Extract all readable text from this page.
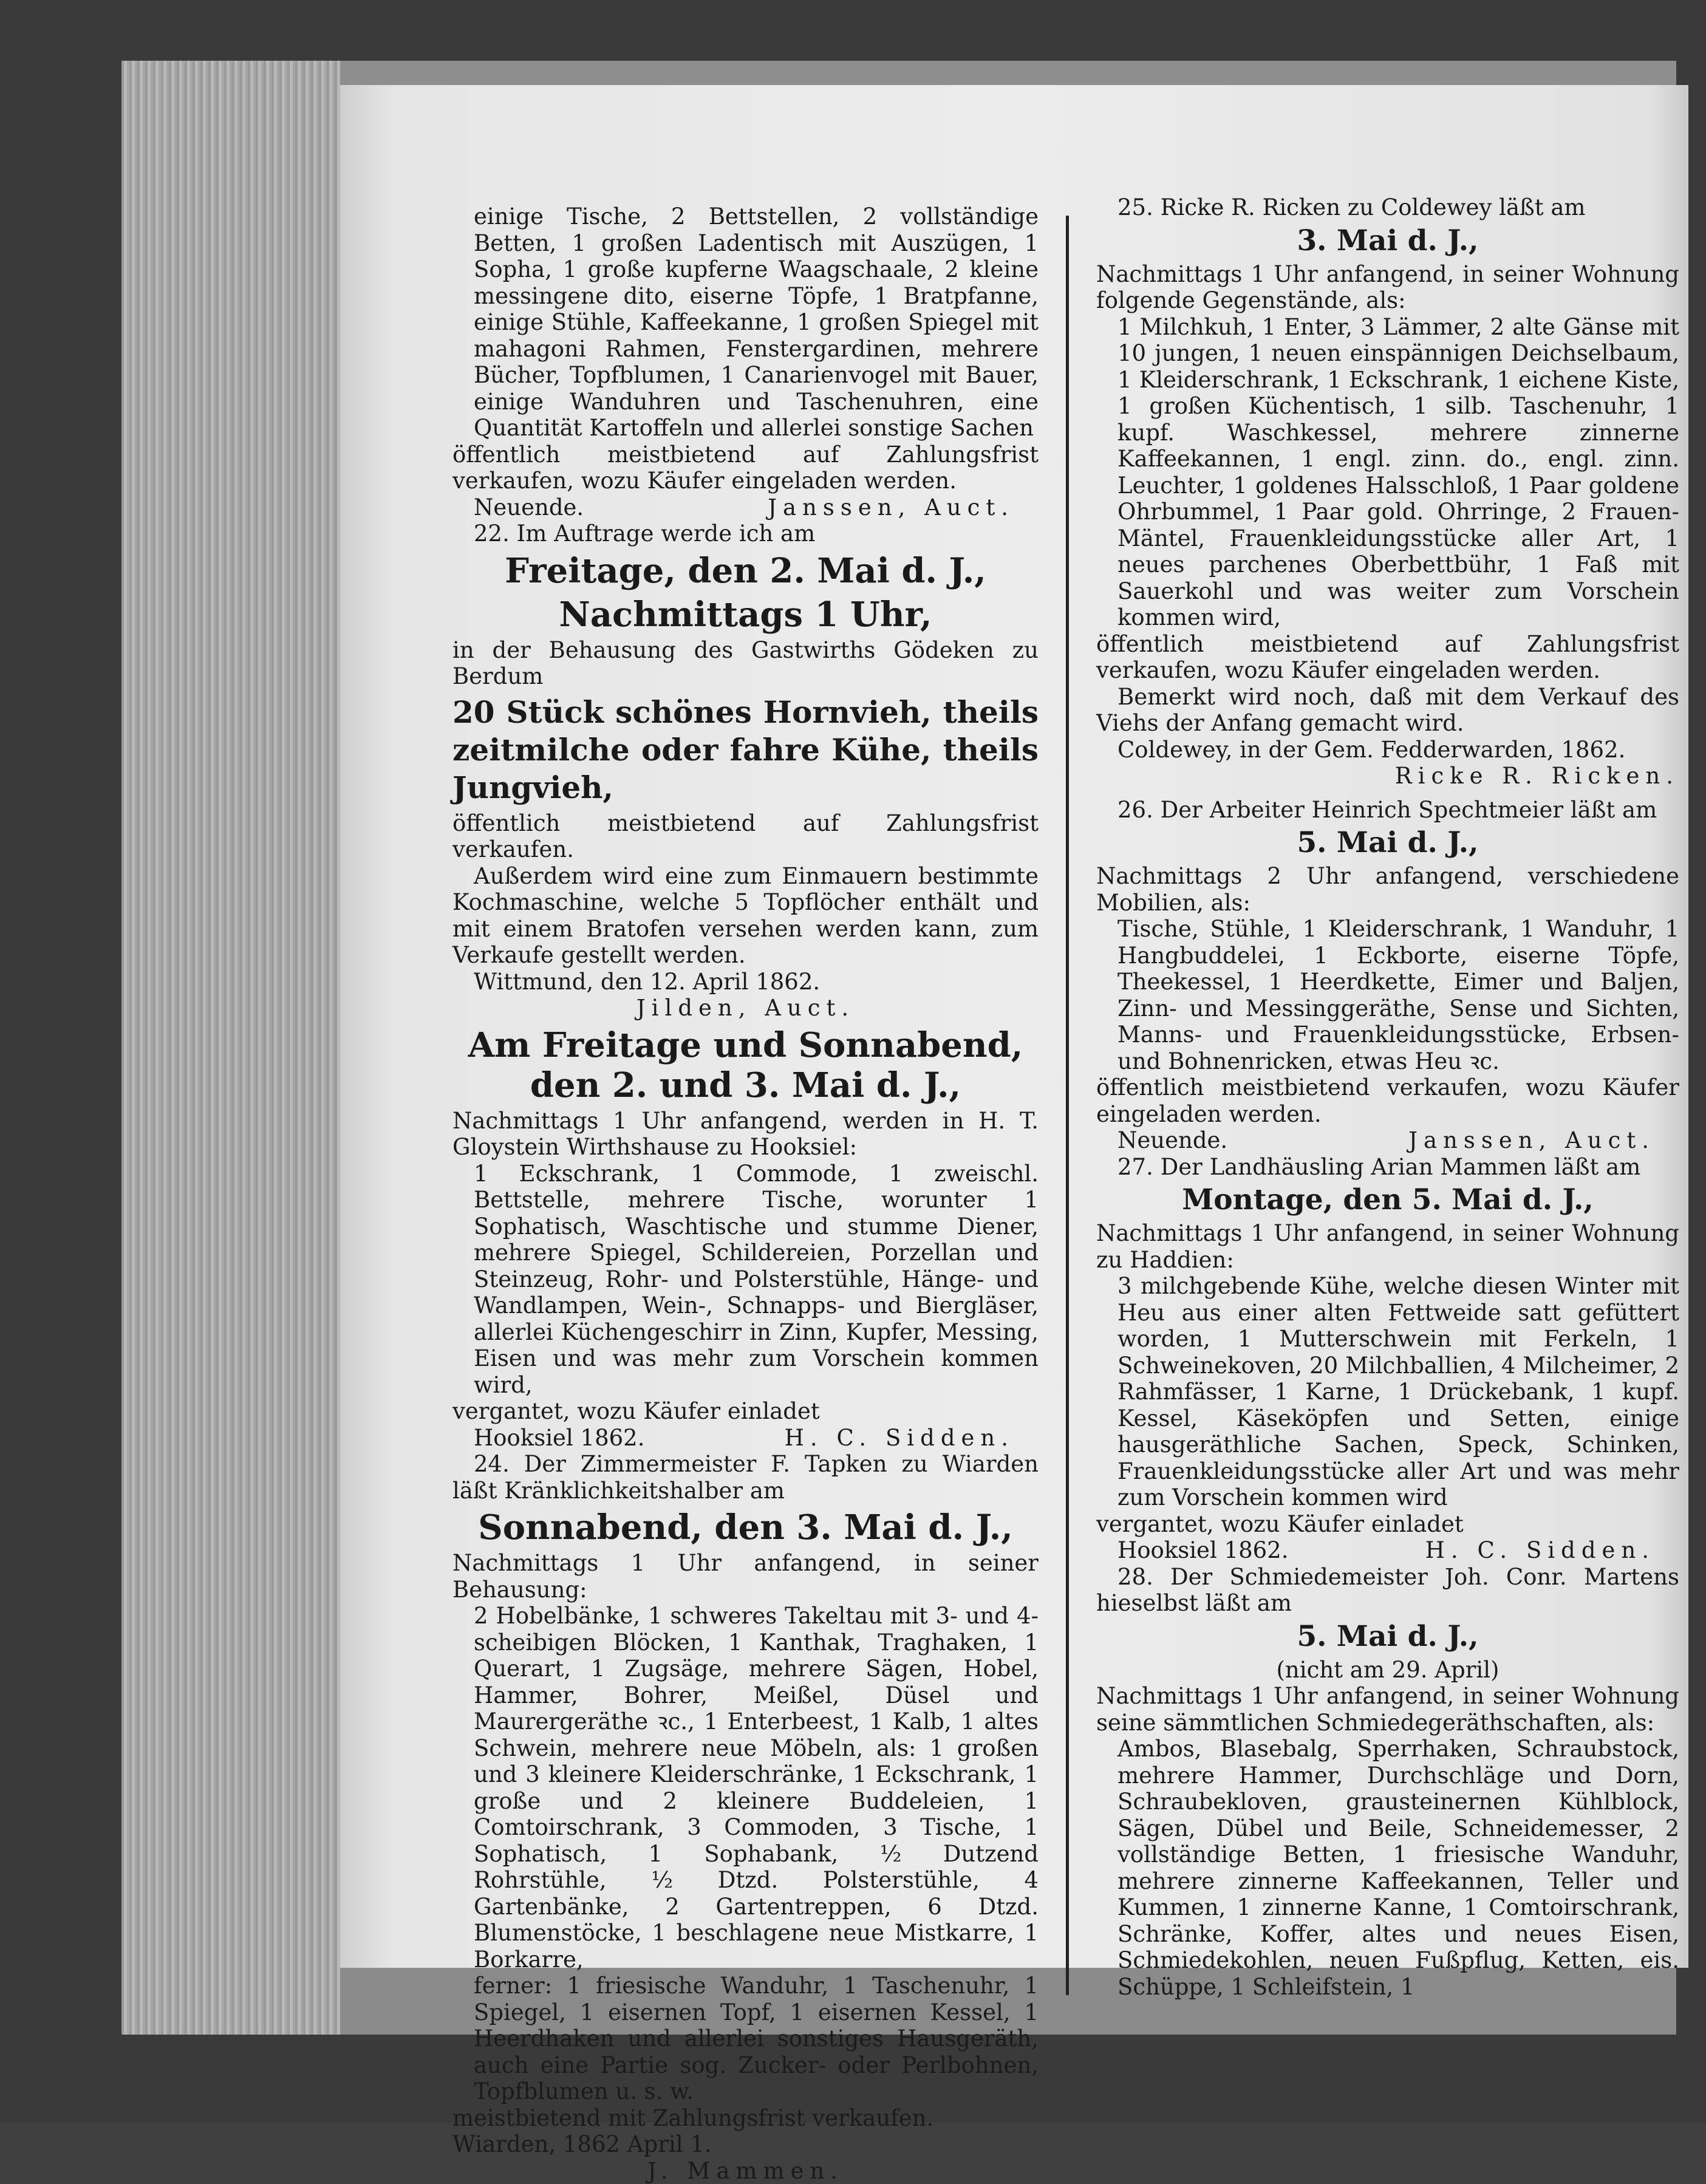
einige Tische, 2 Bettstellen, 2 vollständige Betten, 1 großen Ladentisch mit Auszügen, 1 Sopha, 1 große kupferne Waagschaale, 2 kleine messingene dito, eiserne Töpfe, 1 Bratpfanne, einige Stühle, Kaffeekanne, 1 großen Spiegel mit mahagoni Rahmen, Fenstergardinen, mehrere Bücher, Topfblumen, 1 Canarienvogel mit Bauer, einige Wanduhren und Taschenuhren, eine Quantität Kartoffeln und allerlei sonstige Sachen

öffentlich meistbietend auf Zahlungsfrist verkaufen, wozu Käufer eingeladen werden.

Neuende.	Janssen, Auct.

22. Im Auftrage werde ich am

Freitage, den 2. Mai d. J.,
Nachmittags 1 Uhr,

in der Behausung des Gastwirths Gödeken zu Berdum

20 Stück schönes Hornvieh, theils zeitmilche oder fahre Kühe, theils Jungvieh,

öffentlich meistbietend auf Zahlungsfrist verkaufen.

Außerdem wird eine zum Einmauern bestimmte Kochmaschine, welche 5 Topflöcher enthält und mit einem Bratofen versehen werden kann, zum Verkaufe gestellt werden.

Wittmund, den 12. April 1862.

Jilden, Auct.

Am Freitage und Sonnabend, den 2. und 3. Mai d. J.,

Nachmittags 1 Uhr anfangend, werden in H. T. Gloystein Wirthshause zu Hooksiel:

1 Eckschrank, 1 Commode, 1 zweischl. Bettstelle, mehrere Tische, worunter 1 Sophatisch, Waschtische und stumme Diener, mehrere Spiegel, Schildereien, Porzellan und Steinzeug, Rohr- und Polsterstühle, Hänge- und Wandlampen, Wein-, Schnapps- und Biergläser, allerlei Küchengeschirr in Zinn, Kupfer, Messing, Eisen und was mehr zum Vorschein kommen wird,

vergantet, wozu Käufer einladet

Hooksiel 1862.	H. C. Sidden.

24. Der Zimmermeister F. Tapken zu Wiarden läßt Kränklichkeitshalber am

Sonnabend, den 3. Mai d. J.,

Nachmittags 1 Uhr anfangend, in seiner Behausung:

2 Hobelbänke, 1 schweres Takeltau mit 3- und 4-scheibigen Blöcken, 1 Kanthak, Traghaken, 1 Querart, 1 Zugsäge, mehrere Sägen, Hobel, Hammer, Bohrer, Meißel, Düsel und Maurergeräthe ꝛc., 1 Enterbeest, 1 Kalb, 1 altes Schwein, mehrere neue Möbeln, als: 1 großen und 3 kleinere Kleiderschränke, 1 Eckschrank, 1 große und 2 kleinere Buddeleien, 1 Comtoirschrank, 3 Commoden, 3 Tische, 1 Sophatisch, 1 Sophabank, ½ Dutzend Rohrstühle, ½ Dtzd. Polsterstühle, 4 Gartenbänke, 2 Gartentreppen, 6 Dtzd. Blumenstöcke, 1 beschlagene neue Mistkarre, 1 Borkarre,

ferner: 1 friesische Wanduhr, 1 Taschenuhr, 1 Spiegel, 1 eisernen Topf, 1 eisernen Kessel, 1 Heerdhaken und allerlei sonstiges Hausgeräth, auch eine Partie sog. Zucker- oder Perlbohnen, Topfblumen u. s. w.

meistbietend mit Zahlungsfrist verkaufen.

Wiarden, 1862 April 1.

J. Mammen.

25. Ricke R. Ricken zu Coldewey läßt am

3. Mai d. J.,

Nachmittags 1 Uhr anfangend, in seiner Wohnung folgende Gegenstände, als:

1 Milchkuh, 1 Enter, 3 Lämmer, 2 alte Gänse mit 10 jungen, 1 neuen einspännigen Deichselbaum, 1 Kleiderschrank, 1 Eckschrank, 1 eichene Kiste, 1 großen Küchentisch, 1 silb. Taschenuhr, 1 kupf. Waschkessel, mehrere zinnerne Kaffeekannen, 1 engl. zinn. do., engl. zinn. Leuchter, 1 goldenes Halsschloß, 1 Paar goldene Ohrbummel, 1 Paar gold. Ohrringe, 2 Frauen-Mäntel, Frauenkleidungsstücke aller Art, 1 neues parchenes Oberbettbühr, 1 Faß mit Sauerkohl und was weiter zum Vorschein kommen wird,

öffentlich meistbietend auf Zahlungsfrist verkaufen, wozu Käufer eingeladen werden.

Bemerkt wird noch, daß mit dem Verkauf des Viehs der Anfang gemacht wird.

Coldewey, in der Gem. Fedderwarden, 1862.

Ricke R. Ricken.

26. Der Arbeiter Heinrich Spechtmeier läßt am

5. Mai d. J.,

Nachmittags 2 Uhr anfangend, verschiedene Mobilien, als:

Tische, Stühle, 1 Kleiderschrank, 1 Wanduhr, 1 Hangbuddelei, 1 Eckborte, eiserne Töpfe, Theekessel, 1 Heerdkette, Eimer und Baljen, Zinn- und Messinggeräthe, Sense und Sichten, Manns- und Frauenkleidungsstücke, Erbsen- und Bohnenricken, etwas Heu ꝛc.

öffentlich meistbietend verkaufen, wozu Käufer eingeladen werden.

Neuende.	Janssen, Auct.

27. Der Landhäusling Arian Mammen läßt am

Montage, den 5. Mai d. J.,

Nachmittags 1 Uhr anfangend, in seiner Wohnung zu Haddien:

3 milchgebende Kühe, welche diesen Winter mit Heu aus einer alten Fettweide satt gefüttert worden, 1 Mutterschwein mit Ferkeln, 1 Schweinekoven, 20 Milchballien, 4 Milcheimer, 2 Rahmfässer, 1 Karne, 1 Drückebank, 1 kupf. Kessel, Käseköpfen und Setten, einige hausgeräthliche Sachen, Speck, Schinken, Frauenkleidungsstücke aller Art und was mehr zum Vorschein kommen wird

vergantet, wozu Käufer einladet

Hooksiel 1862.	H. C. Sidden.

28. Der Schmiedemeister Joh. Conr. Martens hieselbst läßt am

5. Mai d. J.,

(nicht am 29. April)

Nachmittags 1 Uhr anfangend, in seiner Wohnung seine sämmtlichen Schmiedegeräthschaften, als:

Ambos, Blasebalg, Sperrhaken, Schraubstock, mehrere Hammer, Durchschläge und Dorn, Schraubekloven, grausteinernen Kühlblock, Sägen, Dübel und Beile, Schneidemesser, 2 vollständige Betten, 1 friesische Wanduhr, mehrere zinnerne Kaffeekannen, Teller und Kummen, 1 zinnerne Kanne, 1 Comtoirschrank, Schränke, Koffer, altes und neues Eisen, Schmiedekohlen, neuen Fußpflug, Ketten, eis. Schüppe, 1 Schleifstein, 1
